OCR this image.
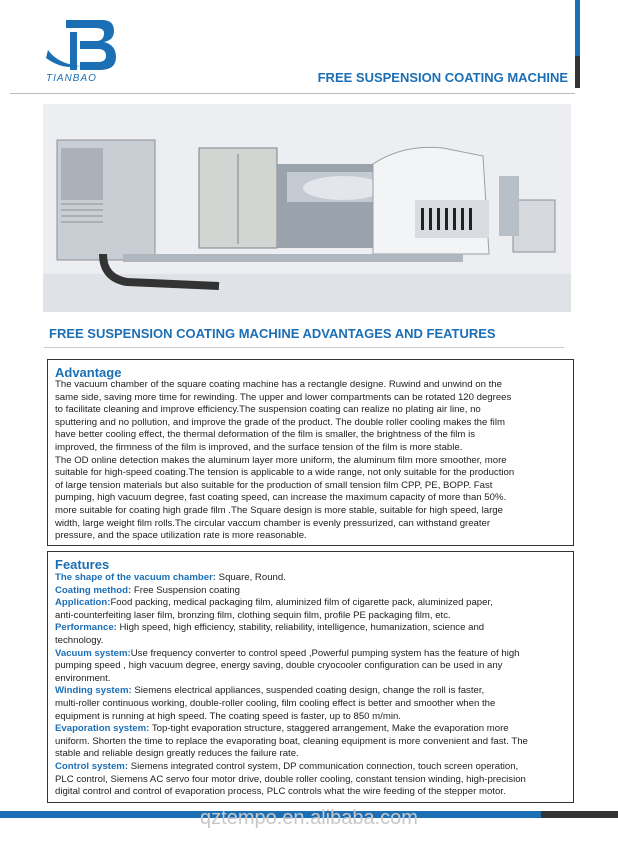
TIANBAO	FREE SUSPENSION COATING MACHINE
FREE SUSPENSION COATING MACHINE ADVANTAGES AND FEATURES
Advantage
The vacuum chamber of the square coating machine has a rectangle designe. Ruwind and unwind on the
same side, saving more time for rewinding. The upper and lower compartments can be rotated 120 degrees
to facilitate cleaning and improve efficiency.The suspension coating can realize no plating air line, no
sputtering and no pollution, and improve the grade of the product. The double roller cooling makes the film
have better cooling effect, the thermal deformation of the film is smaller, the brightness of the film is
improved, the firmness of the film is improved, and the surface tension of the film is more stable.
The OD online detection makes the aluminum layer more uniform, the aluminum film more smoother, more
suitable for high-speed coating.The tension is applicable to a wide range, not only suitable for the production
of large tension materials but also suitable for the production of small tension film CPP, PE, BOPP. Fast
pumping, high vacuum degree, fast coating speed, can increase the maximum capacity of more than 50%.
more suitable for coating high grade film .The Square design is more stable, suitable for high speed, large
width, large weight film rolls.The circular vaccum chamber is evenly pressurized, can withstand greater
pressure, and the space utilization rate is more reasonable.
Features
The shape of the vacuum chamber: Square, Round.
Coating method: Free Suspension coating
Application:Food packing, medical packaging film, aluminized film of cigarette pack, aluminized paper,
anti-counterfeiting laser film, bronzing film, clothing sequin film, profile PE packaging film, etc.
Performance: High speed, high efficiency, stability, reliability, intelligence, humanization, science and
technology.
Vacuum system:Use frequency converter to control speed ,Powerful pumping system has the feature of high
pumping speed , high vacuum degree, energy saving, double cryocooler configuration can be used in any
environment.
Winding system: Siemens electrical appliances, suspended coating design, change the roll is faster,
multi-roller continuous working, double-roller cooling, film cooling effect is better and smoother when the
equipment is running at high speed. The coating speed is faster, up to 850 m/min.
Evaporation system: Top-tight evaporation structure, staggered arrangement, Make the evaporation more
uniform. Shorten the time to replace the evaporating boat, cleaning equipment is more convenient and fast. The
stable and reliable design greatly reduces the failure rate.
Control system: Siemens integrated control system, DP communication connection, touch screen operation,
PLC control, Siemens AC servo four motor drive, double roller cooling, constant tension winding, high-precision
digital control and control of evaporation process, PLC controls what the wire feeding of the stepper motor.
qztempo.en.alibaba.com
